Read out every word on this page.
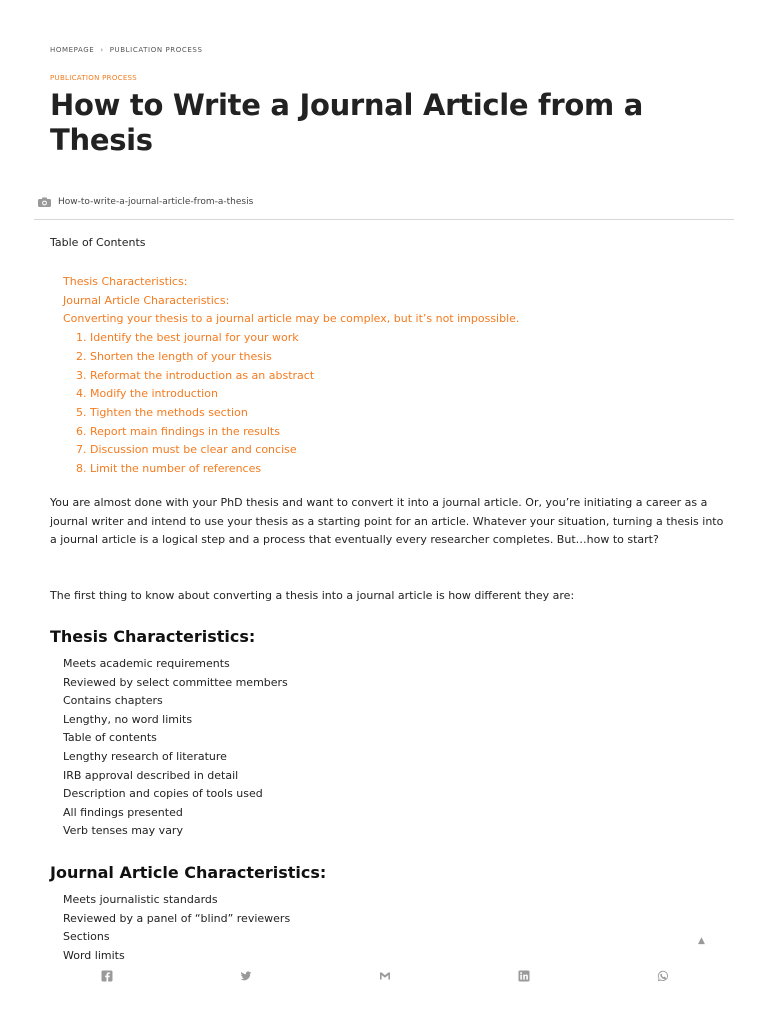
HOMEPAGE › PUBLICATION PROCESS
PUBLICATION PROCESS
How to Write a Journal Article from a Thesis
How-to-write-a-journal-article-from-a-thesis
Table of Contents
Thesis Characteristics:
Journal Article Characteristics:
Converting your thesis to a journal article may be complex, but it’s not impossible.
1. Identify the best journal for your work
2. Shorten the length of your thesis
3. Reformat the introduction as an abstract
4. Modify the introduction
5. Tighten the methods section
6. Report main findings in the results
7. Discussion must be clear and concise
8. Limit the number of references

You are almost done with your PhD thesis and want to convert it into a journal article. Or, you’re initiating a career as a journal writer and intend to use your thesis as a starting point for an article. Whatever your situation, turning a thesis into a journal article is a logical step and a process that eventually every researcher completes. But…how to start?

The first thing to know about converting a thesis into a journal article is how different they are:

Thesis Characteristics:
Meets academic requirements
Reviewed by select committee members
Contains chapters
Lengthy, no word limits
Table of contents
Lengthy research of literature
IRB approval described in detail
Description and copies of tools used
All findings presented
Verb tenses may vary
Journal Article Characteristics:
Meets journalistic standards
Reviewed by a panel of “blind” reviewers
Sections
Word limits
▲
